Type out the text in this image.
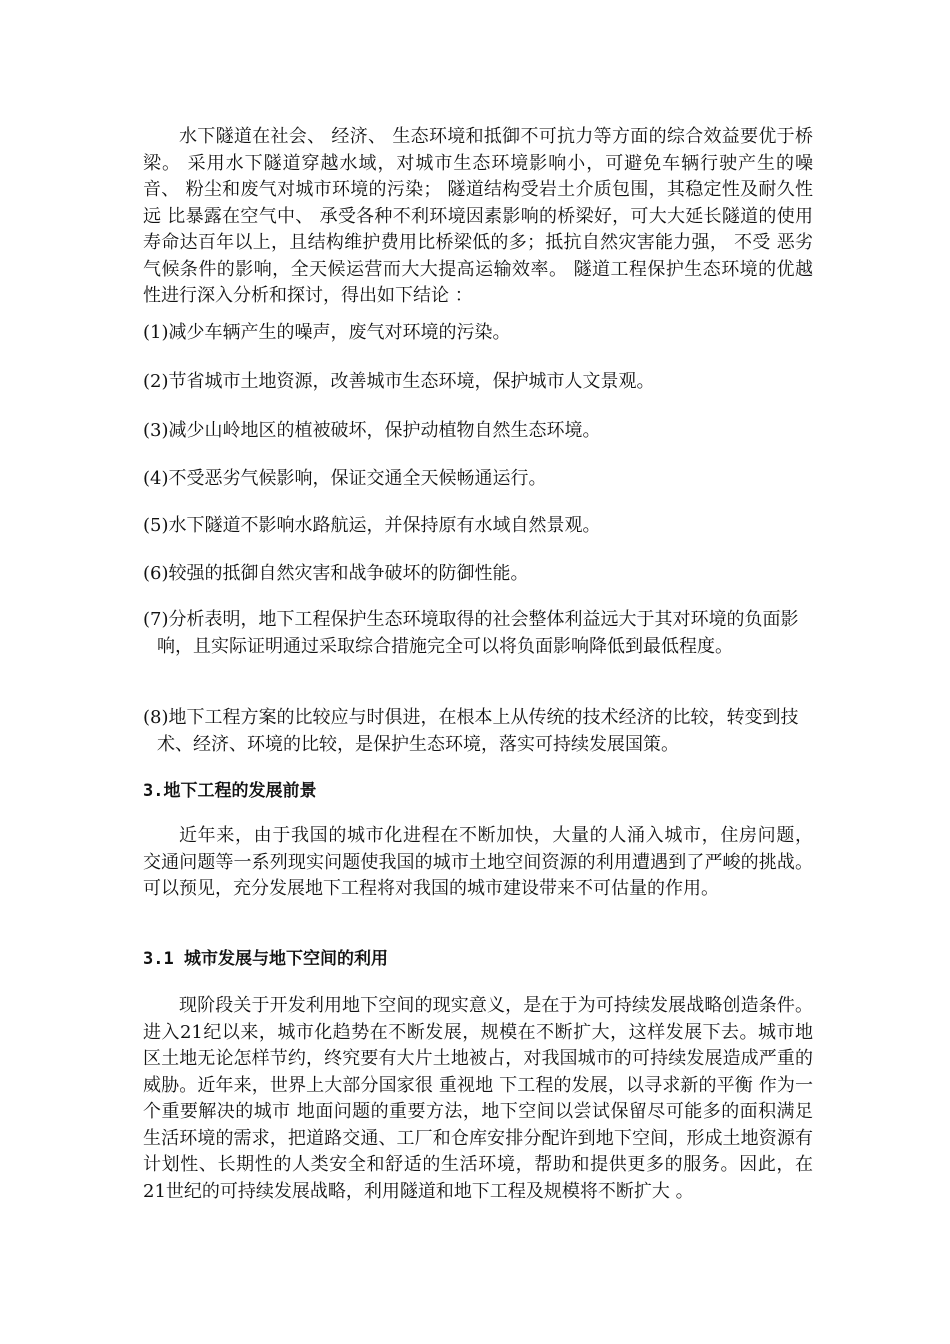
水下隧道在社会、 经济、 生态环境和抵御不可抗力等方面的综合效益要优于桥梁。 采用水下隧道穿越水域，对城市生态环境影响小，可避免车辆行驶产生的噪音、 粉尘和废气对城市环境的污染； 隧道结构受岩土介质包围，其稳定性及耐久性远 比暴露在空气中、 承受各种不利环境因素影响的桥梁好，可大大延长隧道的使用寿命达百年以上，且结构维护费用比桥梁低的多；抵抗自然灾害能力强， 不受 恶劣气候条件的影响，全天候运营而大大提高运输效率。 隧道工程保护生态环境的优越性进行深入分析和探讨，得出如下结论 ：

(1)减少车辆产生的噪声，废气对环境的污染。

(2)节省城市土地资源，改善城市生态环境，保护城市人文景观。

(3)减少山岭地区的植被破坏，保护动植物自然生态环境。

(4)不受恶劣气候影响，保证交通全天候畅通运行。

(5)水下隧道不影响水路航运，并保持原有水域自然景观。

(6)较强的抵御自然灾害和战争破坏的防御性能。

(7)分析表明，地下工程保护生态环境取得的社会整体利益远大于其对环境的负面影响，且实际证明通过采取综合措施完全可以将负面影响降低到最低程度。

(8)地下工程方案的比较应与时俱进，在根本上从传统的技术经济的比较，转变到技术、经济、环境的比较，是保护生态环境，落实可持续发展国策。

3.地下工程的发展前景

近年来，由于我国的城市化进程在不断加快，大量的人涌入城市，住房问题， 交通问题等一系列现实问题使我国的城市土地空间资源的利用遭遇到了严峻的挑战。可以预见，充分发展地下工程将对我国的城市建设带来不可估量的作用。

3.1 城市发展与地下空间的利用

现阶段关于开发利用地下空间的现实意义，是在于为可持续发展战略创造条件。进入21纪以来，城市化趋势在不断发展，规模在不断扩大，这样发展下去。城市地 区土地无论怎样节约，终究要有大片土地被占，对我国城市的可持续发展造成严重的威胁。近年来，世界上大部分国家很 重视地 下工程的发展，以寻求新的平衡 作为一个重要解决的城市 地面问题的重要方法，地下空间以尝试保留尽可能多的面积满足生活环境的需求，把道路交通、工厂和仓库安排分配许到地下空间，形成土地资源有计划性、长期性的人类安全和舒适的生活环境，帮助和提供更多的服务。因此，在21世纪的可持续发展战略，利用隧道和地下工程及规模将不断扩大 。
